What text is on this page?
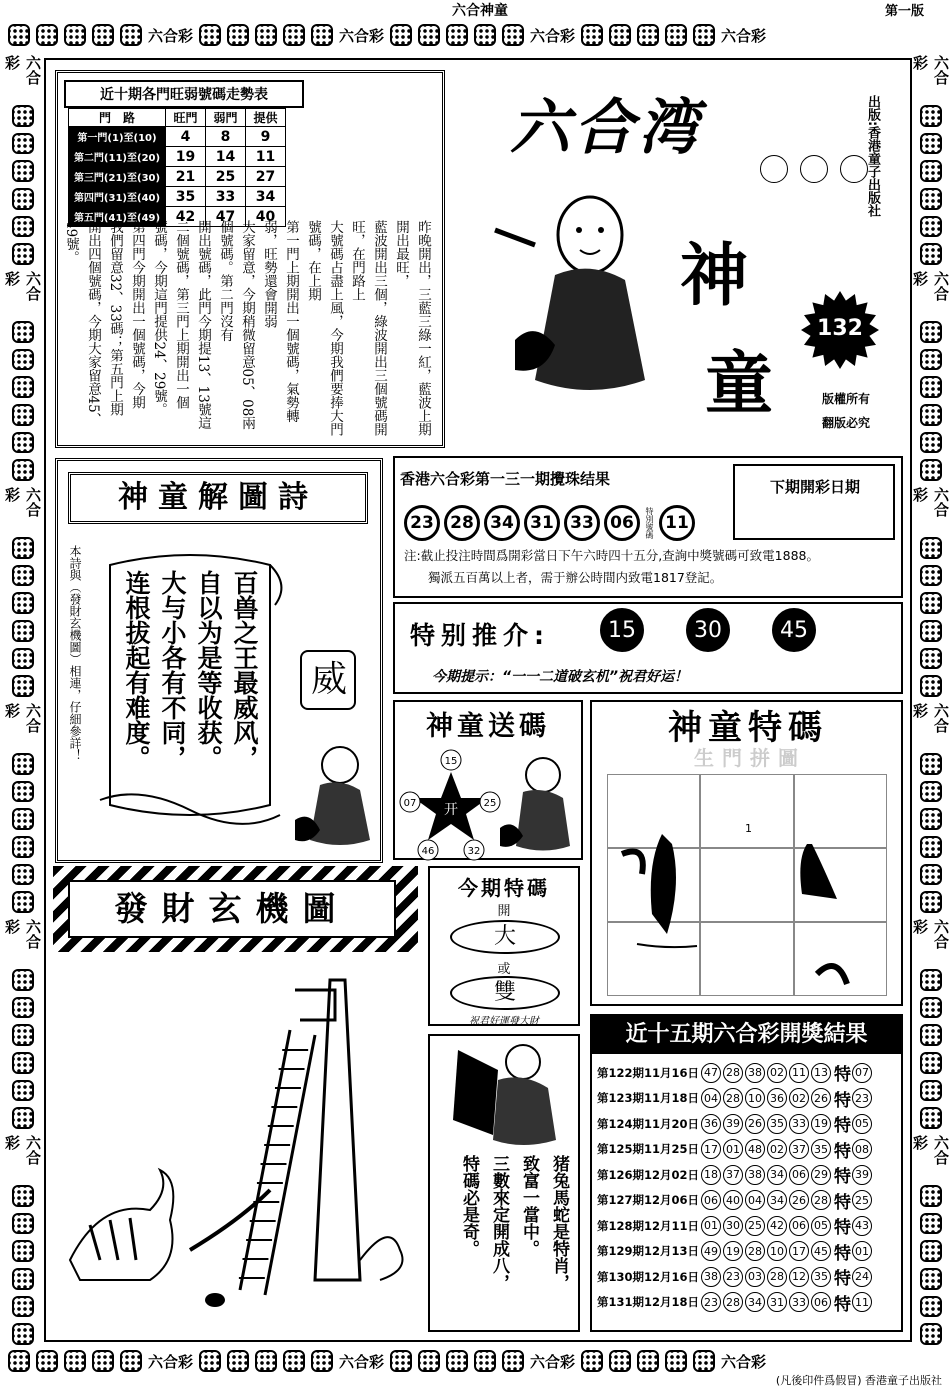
六合神童	第一版
六合彩	六合彩	六合彩	六合彩
六合彩	六合彩	六合彩	六合彩
六合彩
六合彩
六合彩
六合彩
六合彩
六合彩
六合彩
六合彩
六合彩
六合彩
六合彩
六合彩
近十期各門旺弱號碼走勢表
門　路	旺門	弱門	提供
第一門(1)至(10)	4	8	9
第二門(11)至(20)	19	14	11
第三門(21)至(30)	21	25	27
第四門(31)至(40)	35	33	34
第五門(41)至(49)	42	47	40
昨晚開出，三藍三綠一紅，藍波上期開出最旺，
藍波開出三個，綠波開出三個號碼開旺，在門路上
大號碼占盡上風，今期我們要捧大門號碼，在上期
第一門上期開出一個號碼，氣勢轉弱，旺勢還會開弱
大家留意，今期稍微留意05、08兩個號碼。第二門沒有
開出號碼，此門今期提13、13號這
二個號碼，第三門上期開出一個
號碼，今期這門提供24、29號。
第四門今期開出一個號碼，今期
我們留意32、33碼；第五門上期
開出四個號碼，今期大家留意45、
49號。
六合湾
神
童
出版:香港童子出版社
132
版權所有
翻版必究
神童解圖詩
本詩與（發財玄機圖）相連，仔細參詳！	百兽之王最威风，
自以为是等收获。
大与小各有不同，
连根拔起有难度。	威
香港六合彩第一三一期攪珠结果
23 28 34 31 33 06	特別號碼 11
下期開彩日期
注:截止投注時間爲開彩當日下午六時四十五分,查詢中獎號碼可致電1888。
獨派五百萬以上者，需于辦公時間内致電1817登記。
特别推介:	15	30	45
今期提示：“一一二道破玄机”祝君好运！
神童送碼
开
15
25
32
46
07
神童特碼
生門拼圖
1
發財玄機圖
今期特碼
開
大
或
雙
祝君好運發大財
猪兔馬蛇是特肖，
致富一當中。
三數來定開成八，
特碼必是奇。
近十五期六合彩開獎結果
第122期11月16日 47 28 38 02 11 13 特 07
第123期11月18日 04 28 10 36 02 26 特 23
第124期11月20日 36 39 26 35 33 19 特 05
第125期11月25日 17 01 48 02 37 35 特 08
第126期12月02日 18 37 38 34 06 29 特 39
第127期12月06日 06 40 04 34 26 28 特 25
第128期12月11日 01 30 25 42 06 05 特 43
第129期12月13日 49 19 28 10 17 45 特 01
第130期12月16日 38 23 03 28 12 35 特 24
第131期12月18日 23 28 34 31 33 06 特 11
(凡後印件爲假冒) 香港童子出版社
